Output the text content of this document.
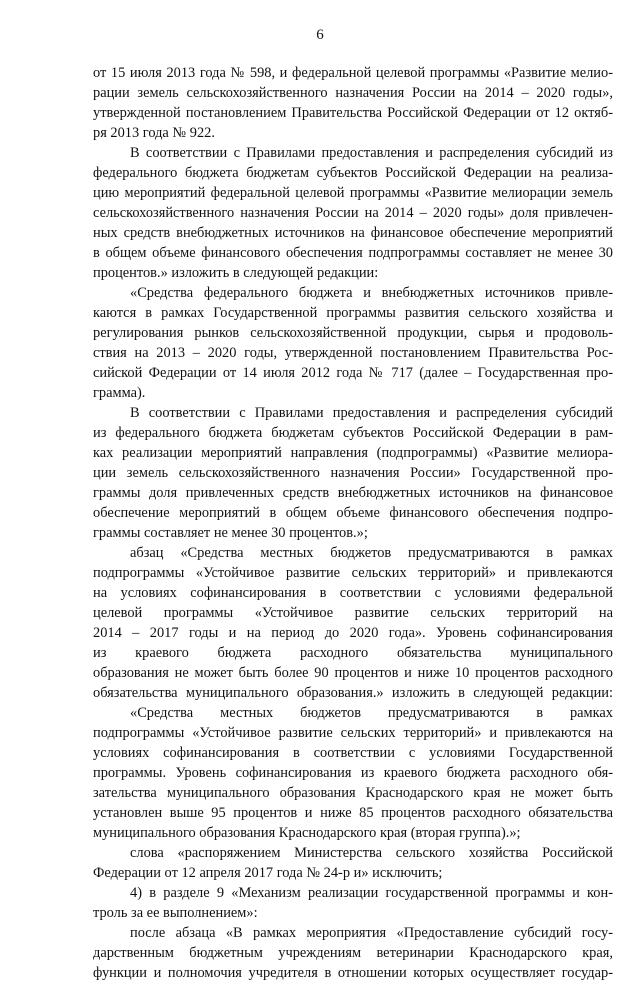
6
от 15 июля 2013 года № 598, и федеральной целевой программы «Развитие мелио-
рации земель сельскохозяйственного назначения России на 2014 – 2020 годы»,
утвержденной постановлением Правительства Российской Федерации от 12 октяб-
ря 2013 года № 922.
В соответствии с Правилами предоставления и распределения субсидий из
федерального бюджета бюджетам субъектов Российской Федерации на реализа-
цию мероприятий федеральной целевой программы «Развитие мелиорации земель
сельскохозяйственного назначения России на 2014 – 2020 годы» доля привлечен-
ных средств внебюджетных источников на финансовое обеспечение мероприятий
в общем объеме финансового обеспечения подпрограммы составляет не менее 30
процентов.» изложить в следующей редакции:
«Средства федерального бюджета и внебюджетных источников привле-
каются в рамках Государственной программы развития сельского хозяйства и
регулирования рынков сельскохозяйственной продукции, сырья и продоволь-
ствия на 2013 – 2020 годы, утвержденной постановлением Правительства Рос-
сийской Федерации от 14 июля 2012 года № 717 (далее – Государственная про-
грамма).
В соответствии с Правилами предоставления и распределения субсидий
из федерального бюджета бюджетам субъектов Российской Федерации в рам-
ках реализации мероприятий направления (подпрограммы) «Развитие мелиора-
ции земель сельскохозяйственного назначения России» Государственной про-
граммы доля привлеченных средств внебюджетных источников на финансовое
обеспечение мероприятий в общем объеме финансового обеспечения подпро-
граммы составляет не менее 30 процентов.»;
абзац «Средства местных бюджетов предусматриваются в рамках
подпрограммы «Устойчивое развитие сельских территорий» и привлекаются
на условиях софинансирования в соответствии с условиями федеральной
целевой программы «Устойчивое развитие сельских территорий на
2014 – 2017 годы и на период до 2020 года». Уровень софинансирования
из краевого бюджета расходного обязательства муниципального
образования не может быть более 90 процентов и ниже 10 процентов расходного
обязательства муниципального образования.» изложить в следующей редакции:
«Средства местных бюджетов предусматриваются в рамках
подпрограммы «Устойчивое развитие сельских территорий» и привлекаются на
условиях софинансирования в соответствии с условиями Государственной
программы. Уровень софинансирования из краевого бюджета расходного обя-
зательства муниципального образования Краснодарского края не может быть
установлен выше 95 процентов и ниже 85 процентов расходного обязательства
муниципального образования Краснодарского края (вторая группа).»;
слова «распоряжением Министерства сельского хозяйства Российской
Федерации от 12 апреля 2017 года № 24-р и» исключить;
4) в разделе 9 «Механизм реализации государственной программы и кон-
троль за ее выполнением»:
после абзаца «В рамках мероприятия «Предоставление субсидий госу-
дарственным бюджетным учреждениям ветеринарии Краснодарского края,
функции и полномочия учредителя в отношении которых осуществляет государ-
